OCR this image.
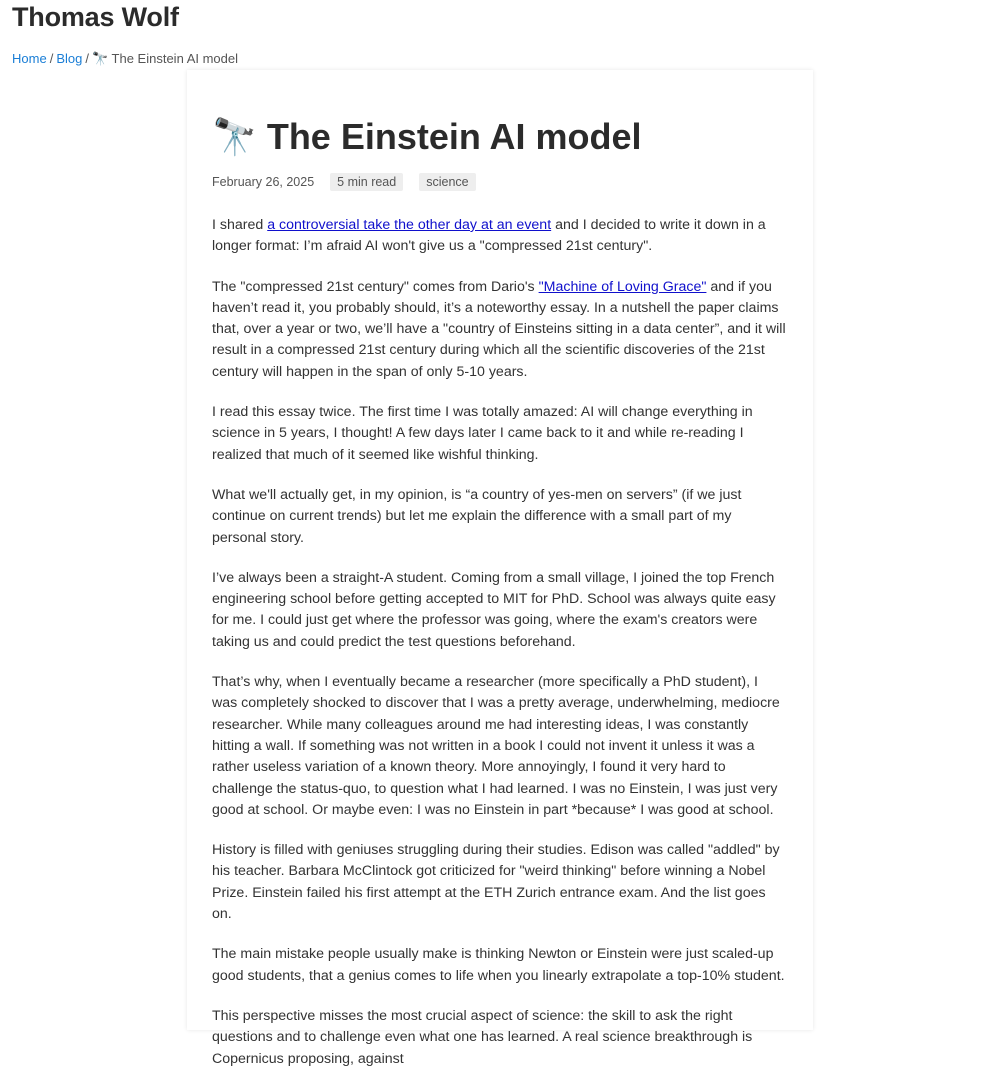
Thomas Wolf
Home / Blog / 🔭 The Einstein AI model
🔭 The Einstein AI model
February 26, 2025	5 min read	science

I shared a controversial take the other day at an event and I decided to write it down in a longer format: I’m afraid AI won't give us a "compressed 21st century".

The "compressed 21st century" comes from Dario's "Machine of Loving Grace" and if you haven’t read it, you probably should, it’s a noteworthy essay. In a nutshell the paper claims that, over a year or two, we’ll have a "country of Einsteins sitting in a data center”, and it will result in a compressed 21st century during which all the scientific discoveries of the 21st century will happen in the span of only 5-10 years.

I read this essay twice. The first time I was totally amazed: AI will change everything in science in 5 years, I thought! A few days later I came back to it and while re-reading I realized that much of it seemed like wishful thinking.

What we'll actually get, in my opinion, is “a country of yes-men on servers” (if we just continue on current trends) but let me explain the difference with a small part of my personal story.

I’ve always been a straight-A student. Coming from a small village, I joined the top French engineering school before getting accepted to MIT for PhD. School was always quite easy for me. I could just get where the professor was going, where the exam's creators were taking us and could predict the test questions beforehand.

That’s why, when I eventually became a researcher (more specifically a PhD student), I was completely shocked to discover that I was a pretty average, underwhelming, mediocre researcher. While many colleagues around me had interesting ideas, I was constantly hitting a wall. If something was not written in a book I could not invent it unless it was a rather useless variation of a known theory. More annoyingly, I found it very hard to challenge the status-quo, to question what I had learned. I was no Einstein, I was just very good at school. Or maybe even: I was no Einstein in part *because* I was good at school.

History is filled with geniuses struggling during their studies. Edison was called "addled" by his teacher. Barbara McClintock got criticized for "weird thinking" before winning a Nobel Prize. Einstein failed his first attempt at the ETH Zurich entrance exam. And the list goes on.

The main mistake people usually make is thinking Newton or Einstein were just scaled-up good students, that a genius comes to life when you linearly extrapolate a top-10% student.

This perspective misses the most crucial aspect of science: the skill to ask the right questions and to challenge even what one has learned. A real science breakthrough is Copernicus proposing, against
